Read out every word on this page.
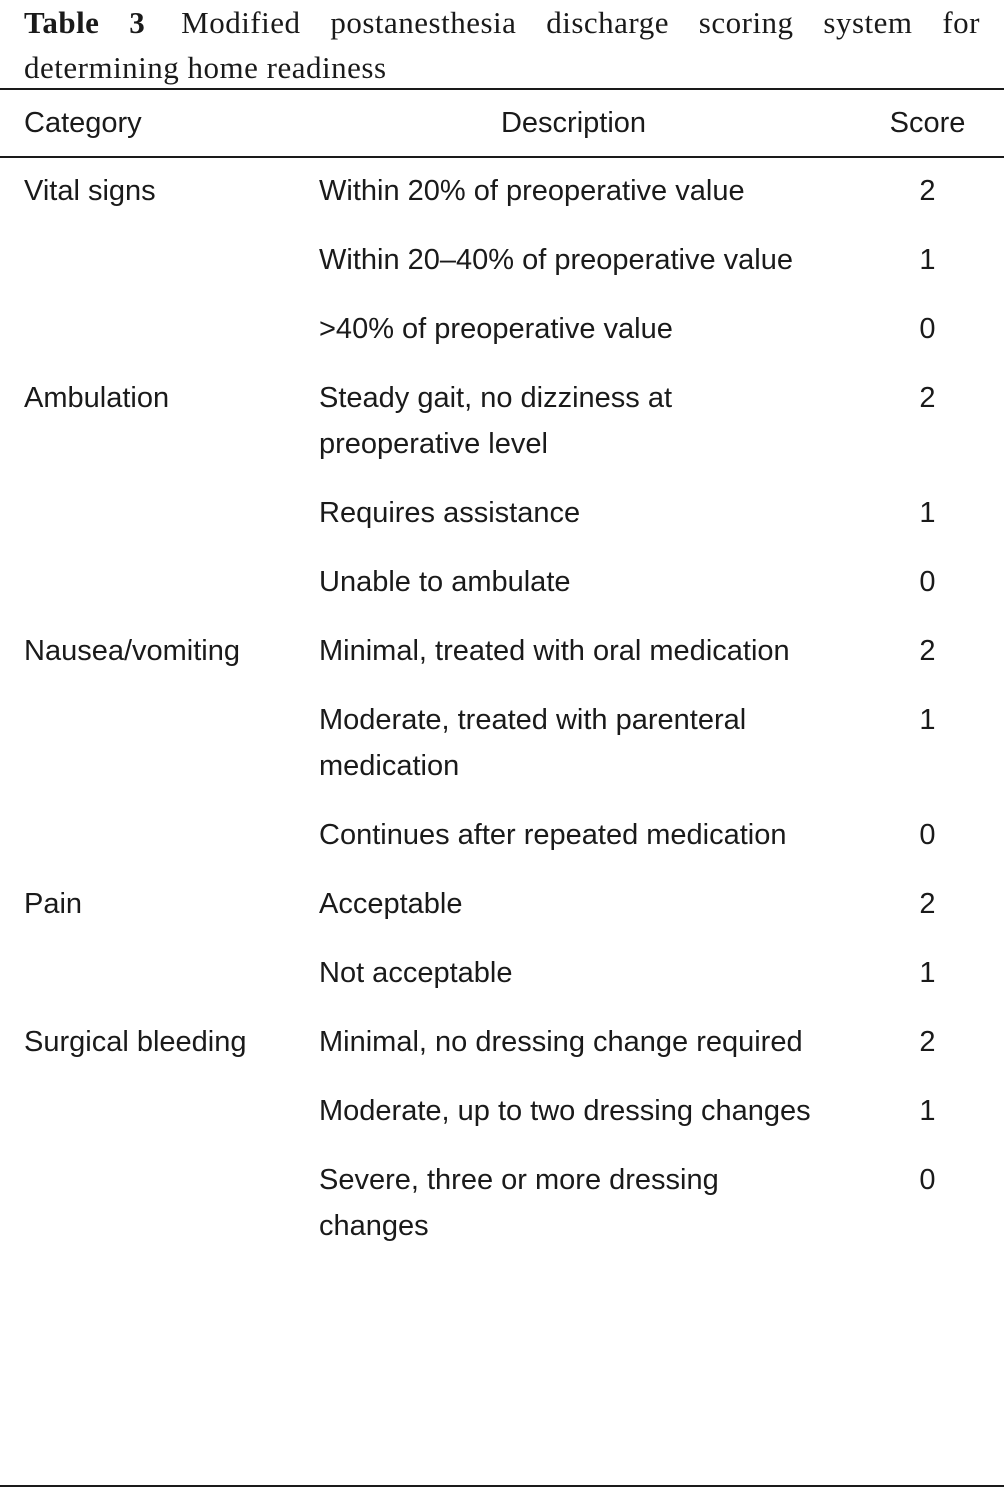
Table 3 Modified postanesthesia discharge scoring system for determining home readiness
Category	Description	Score
Vital signs	Within 20% of preoperative value	2
	Within 20–40% of preoperative value	1
	>40% of preoperative value	0
Ambulation	Steady gait, no dizziness at preoperative level	2
	Requires assistance	1
	Unable to ambulate	0
Nausea/vomiting	Minimal, treated with oral medication	2
	Moderate, treated with parenteral medication	1
	Continues after repeated medication	0
Pain	Acceptable	2
	Not acceptable	1
Surgical bleeding	Minimal, no dressing change required	2
	Moderate, up to two dressing changes	1
	Severe, three or more dressing changes	0
